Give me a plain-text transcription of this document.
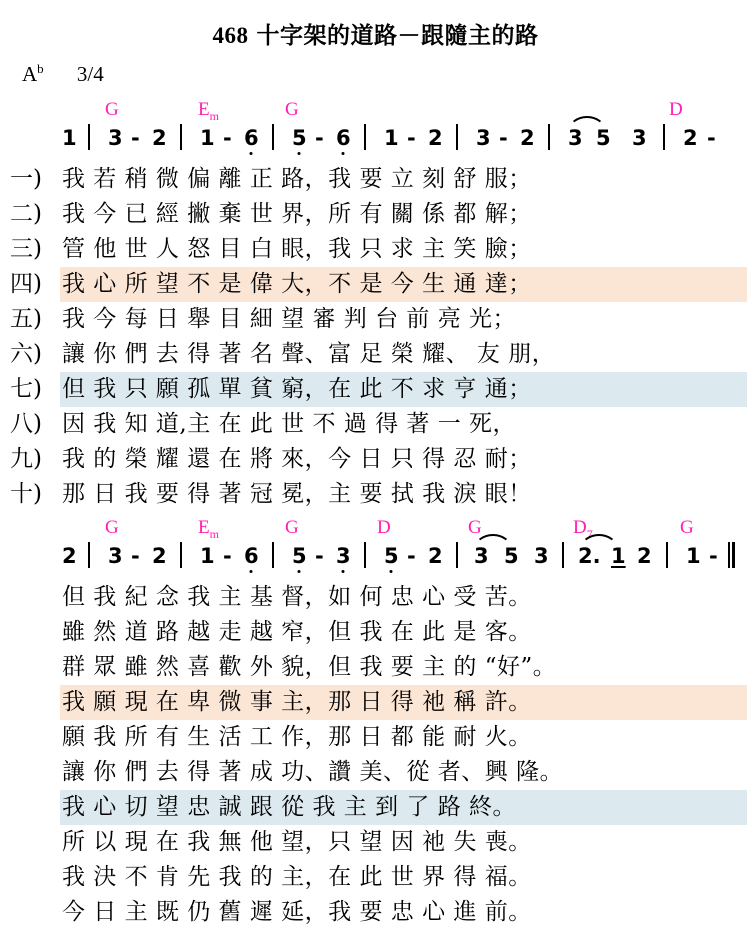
468 十字架的道路－跟隨主的路
$A^b$ 3/4
G	$E_m$	G	D
1 3 - 2 1 - 6 5 - 6 1 - 2 3 - 2 3 5 3 2 -
一) 我 若 稍 微 偏 離 正 路，我 要 立 刻 舒 服；
二) 我 今 已 經 撇 棄 世 界，所 有 關 係 都 解；
三) 管 他 世 人 怒 目 白 眼，我 只 求 主 笑 臉；
四) 我 心 所 望 不 是 偉 大，不 是 今 生 通 達；
五) 我 今 每 日 舉 目 細 望 審 判 台 前 亮 光；
六) 讓 你 們 去 得 著 名 聲、富 足 榮 耀、 友 朋，
七) 但 我 只 願 孤 單 貧 窮，在 此 不 求 亨 通；
八) 因 我 知 道,主 在 此 世 不 過 得 著 一 死，
九) 我 的 榮 耀 還 在 將 來，今 日 只 得 忍 耐；
十) 那 日 我 要 得 著 冠 冕，主 要 拭 我 淚 眼！
G	$E_m$	G	D	G	$D_7$	G
2 3 - 2 1 - 6 5 - 3 5 - 2 3 5 3 2. 1 2 1 -
但 我 紀 念 我 主 基 督，如 何 忠 心 受 苦。
雖 然 道 路 越 走 越 窄，但 我 在 此 是 客。
群 眾 雖 然 喜 歡 外 貌，但 我 要 主 的 “好”。
我 願 現 在 卑 微 事 主，那 日 得 祂 稱 許。
願 我 所 有 生 活 工 作，那 日 都 能 耐 火。
讓 你 們 去 得 著 成 功、讚 美、從 者、興 隆。
我 心 切 望 忠 誠 跟 從 我 主 到 了 路 終。
所 以 現 在 我 無 他 望，只 望 因 祂 失 喪。
我 決 不 肯 先 我 的 主，在 此 世 界 得 福。
今 日 主 既 仍 舊 遲 延，我 要 忠 心 進 前。
